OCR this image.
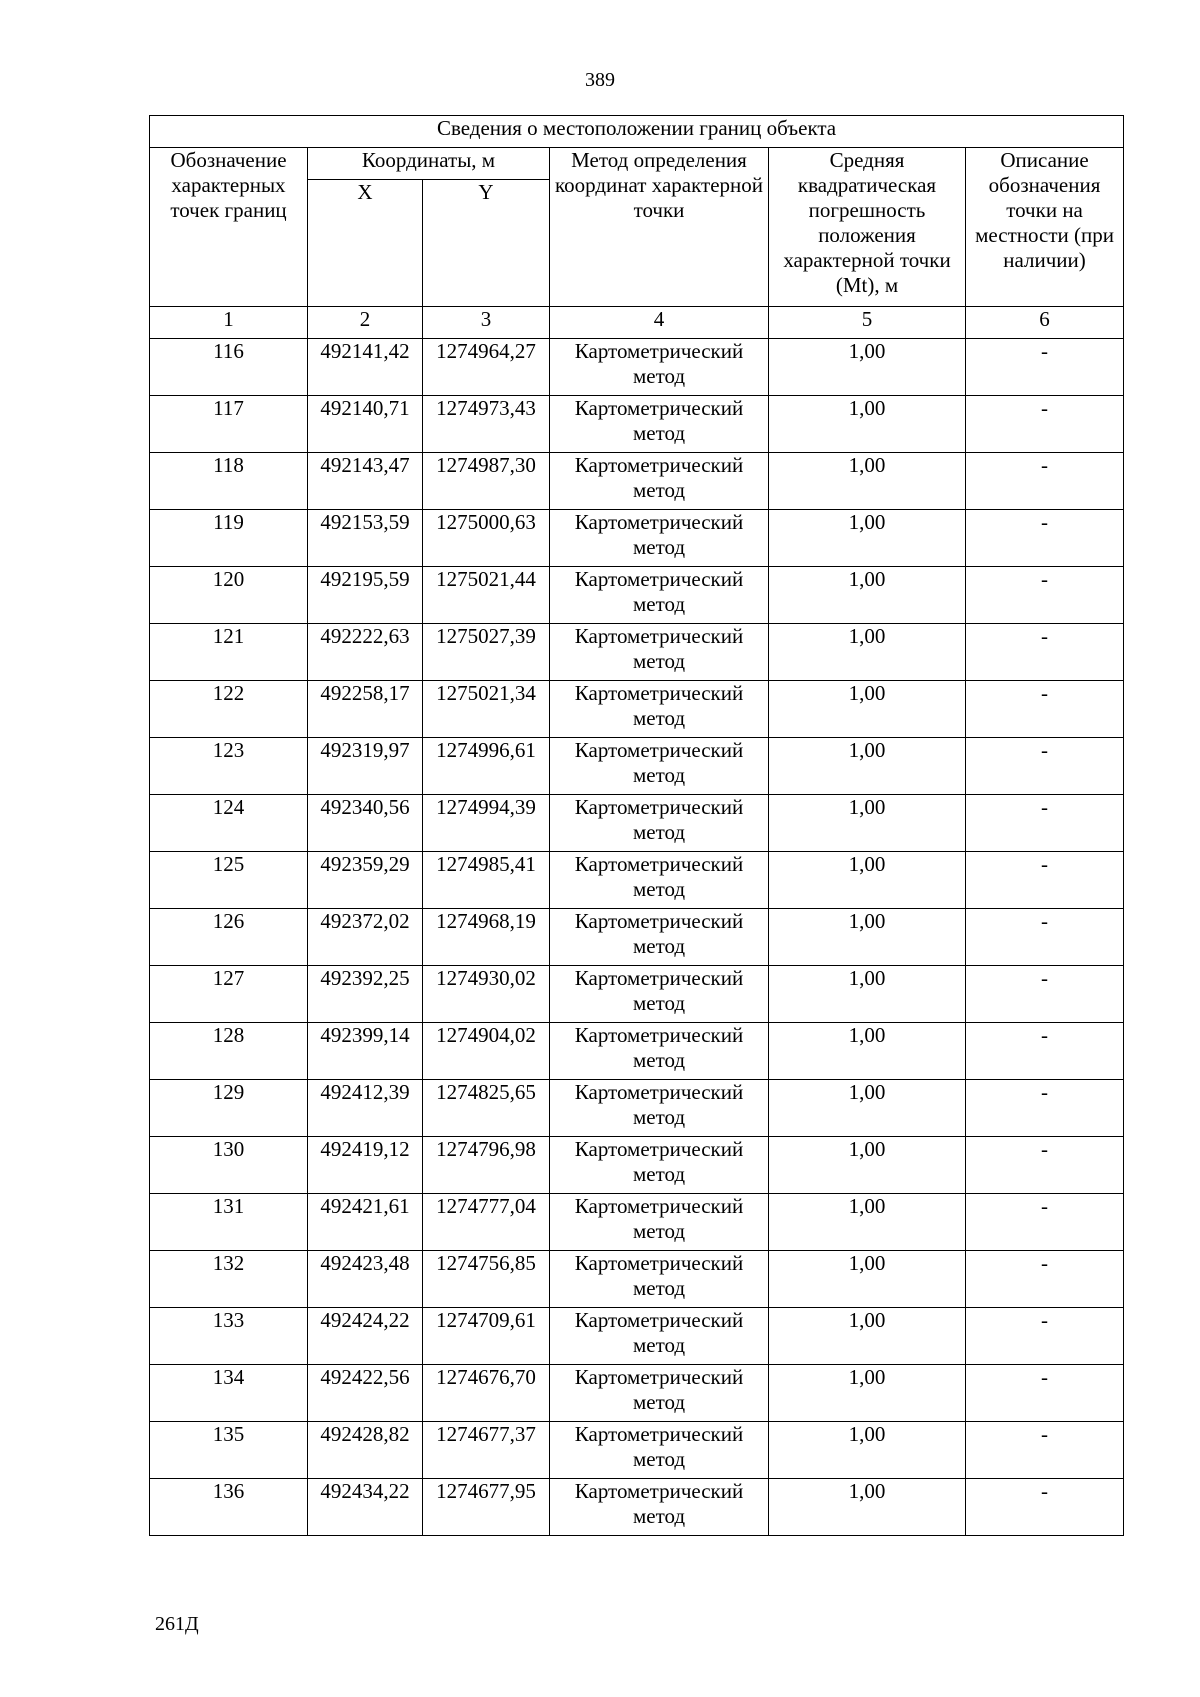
389
Сведения о местоположении границ объекта					
Обозначение характерных точек границ	Координаты, м		Метод определения координат характерной точки	Средняя квадратическая погрешность положения характерной точки (Mt), м	Описание обозначения точки на местности (при наличии)
	X	Y			
1	2	3	4	5	6
116	492141,42	1274964,27	Картометрический метод	1,00	-
117	492140,71	1274973,43	Картометрический метод	1,00	-
118	492143,47	1274987,30	Картометрический метод	1,00	-
119	492153,59	1275000,63	Картометрический метод	1,00	-
120	492195,59	1275021,44	Картометрический метод	1,00	-
121	492222,63	1275027,39	Картометрический метод	1,00	-
122	492258,17	1275021,34	Картометрический метод	1,00	-
123	492319,97	1274996,61	Картометрический метод	1,00	-
124	492340,56	1274994,39	Картометрический метод	1,00	-
125	492359,29	1274985,41	Картометрический метод	1,00	-
126	492372,02	1274968,19	Картометрический метод	1,00	-
127	492392,25	1274930,02	Картометрический метод	1,00	-
128	492399,14	1274904,02	Картометрический метод	1,00	-
129	492412,39	1274825,65	Картометрический метод	1,00	-
130	492419,12	1274796,98	Картометрический метод	1,00	-
131	492421,61	1274777,04	Картометрический метод	1,00	-
132	492423,48	1274756,85	Картометрический метод	1,00	-
133	492424,22	1274709,61	Картометрический метод	1,00	-
134	492422,56	1274676,70	Картометрический метод	1,00	-
135	492428,82	1274677,37	Картометрический метод	1,00	-
136	492434,22	1274677,95	Картометрический метод	1,00	-
261Д
